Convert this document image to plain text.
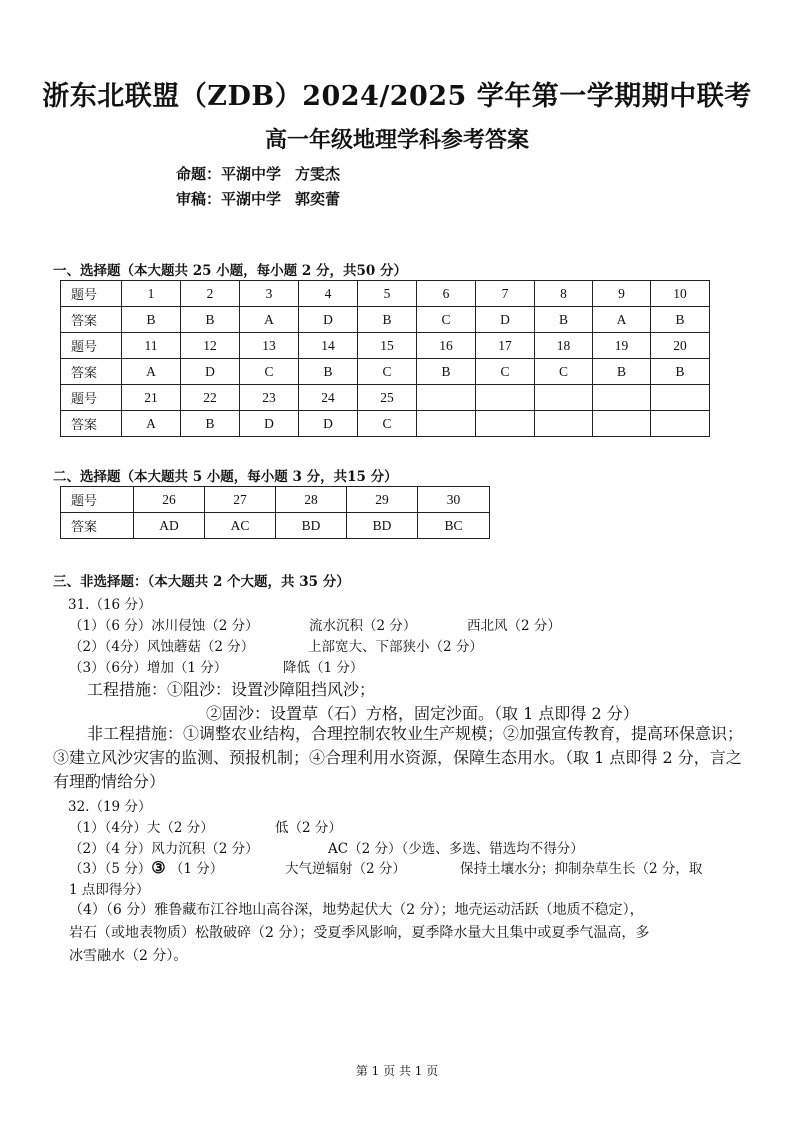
浙东北联盟（ZDB）2024/2025 学年第一学期期中联考
高一年级地理学科参考答案
命题：平湖中学 方雯杰
审稿：平湖中学 郭奕蕾
一、选择题（本大题共 25 小题，每小题 2 分，共50 分）
题号	1	2	3	4	5	6	7	8	9	10
答案	B	B	A	D	B	C	D	B	A	B
题号	11	12	13	14	15	16	17	18	19	20
答案	A	D	C	B	C	B	C	C	B	B
题号	21	22	23	24	25					
答案	A	B	D	D	C					
二、选择题（本大题共 5 小题，每小题 3 分，共15 分）
题号	26	27	28	29	30
答案	AD	AC	BD	BD	BC
三、非选择题：（本大题共 2 个大题，共 35 分）
31.（16 分）
（1）（6 分）冰川侵蚀（2 分）	流水沉积（2 分）	西北风（2 分）
（2）（4分）风蚀蘑菇（2 分）	上部宽大、下部狭小（2 分）
（3）（6分）增加（1 分）	降低（1 分）
工程措施：①阻沙：设置沙障阻挡风沙；
②固沙：设置草（石）方格，固定沙面。（取 1 点即得 2 分）
非工程措施：①调整农业结构，合理控制农牧业生产规模；②加强宣传教育，提高环保意识；③建立风沙灾害的监测、预报机制；④合理利用水资源，保障生态用水。（取 1 点即得 2 分，言之有理酌情给分）
32.（19 分）
（1）（4分）大（2 分）	低（2 分）
（2）（4 分）风力沉积（2 分）	AC（2 分）（少选、多选、错选均不得分）
（3）（5 分）③ （1 分）	大气逆辐射（2 分）	保持土壤水分；抑制杂草生长（2 分，取
1 点即得分）
（4）（6 分）雅鲁藏布江谷地山高谷深，地势起伏大（2 分）；地壳运动活跃（地质不稳定），
岩石（或地表物质）松散破碎（2 分）；受夏季风影响，夏季降水量大且集中或夏季气温高，多
冰雪融水（2 分）。
第 1 页 共 1 页
